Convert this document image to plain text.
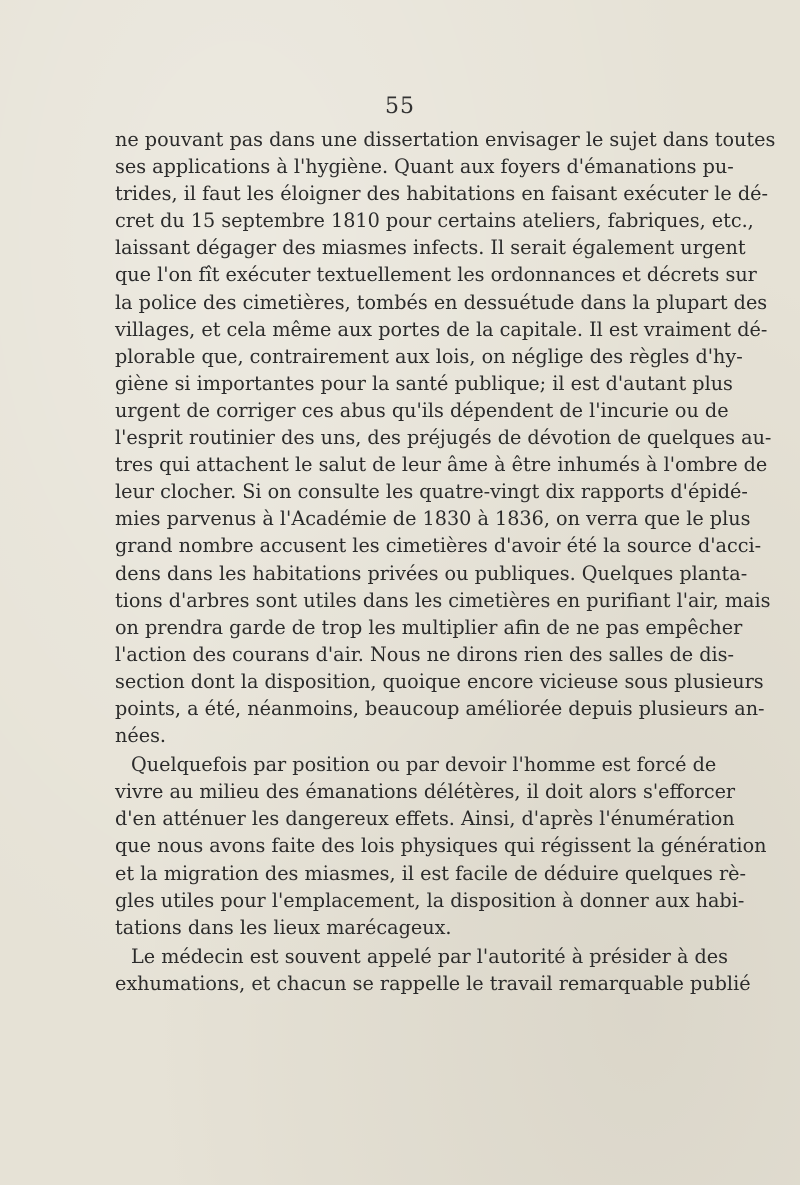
55
ne pouvant pas dans une dissertation envisager le sujet dans toutes
ses applications à l'hygiène. Quant aux foyers d'émanations pu-
trides, il faut les éloigner des habitations en faisant exécuter le dé-
cret du 15 septembre 1810 pour certains ateliers, fabriques, etc.,
laissant dégager des miasmes infects. Il serait également urgent
que l'on fît exécuter textuellement les ordonnances et décrets sur
la police des cimetières, tombés en dessuétude dans la plupart des
villages, et cela même aux portes de la capitale. Il est vraiment dé-
plorable que, contrairement aux lois, on néglige des règles d'hy-
giène si importantes pour la santé publique; il est d'autant plus
urgent de corriger ces abus qu'ils dépendent de l'incurie ou de
l'esprit routinier des uns, des préjugés de dévotion de quelques au-
tres qui attachent le salut de leur âme à être inhumés à l'ombre de
leur clocher. Si on consulte les quatre-vingt dix rapports d'épidé-
mies parvenus à l'Académie de 1830 à 1836, on verra que le plus
grand nombre accusent les cimetières d'avoir été la source d'acci-
dens dans les habitations privées ou publiques. Quelques planta-
tions d'arbres sont utiles dans les cimetières en purifiant l'air, mais
on prendra garde de trop les multiplier afin de ne pas empêcher
l'action des courans d'air. Nous ne dirons rien des salles de dis-
section dont la disposition, quoique encore vicieuse sous plusieurs
points, a été, néanmoins, beaucoup améliorée depuis plusieurs an-
nées.
Quelquefois par position ou par devoir l'homme est forcé de
vivre au milieu des émanations délétères, il doit alors s'efforcer
d'en atténuer les dangereux effets. Ainsi, d'après l'énumération
que nous avons faite des lois physiques qui régissent la génération
et la migration des miasmes, il est facile de déduire quelques rè-
gles utiles pour l'emplacement, la disposition à donner aux habi-
tations dans les lieux marécageux.
Le médecin est souvent appelé par l'autorité à présider à des
exhumations, et chacun se rappelle le travail remarquable publié
